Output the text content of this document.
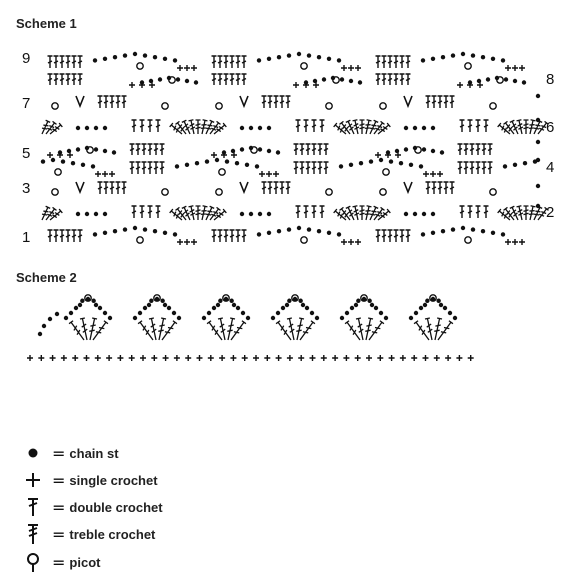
Scheme 1
Scheme 2
9
7
5
3
1
8
6
4
2
= chain st
= single crochet
= double crochet
= treble crochet
= picot
